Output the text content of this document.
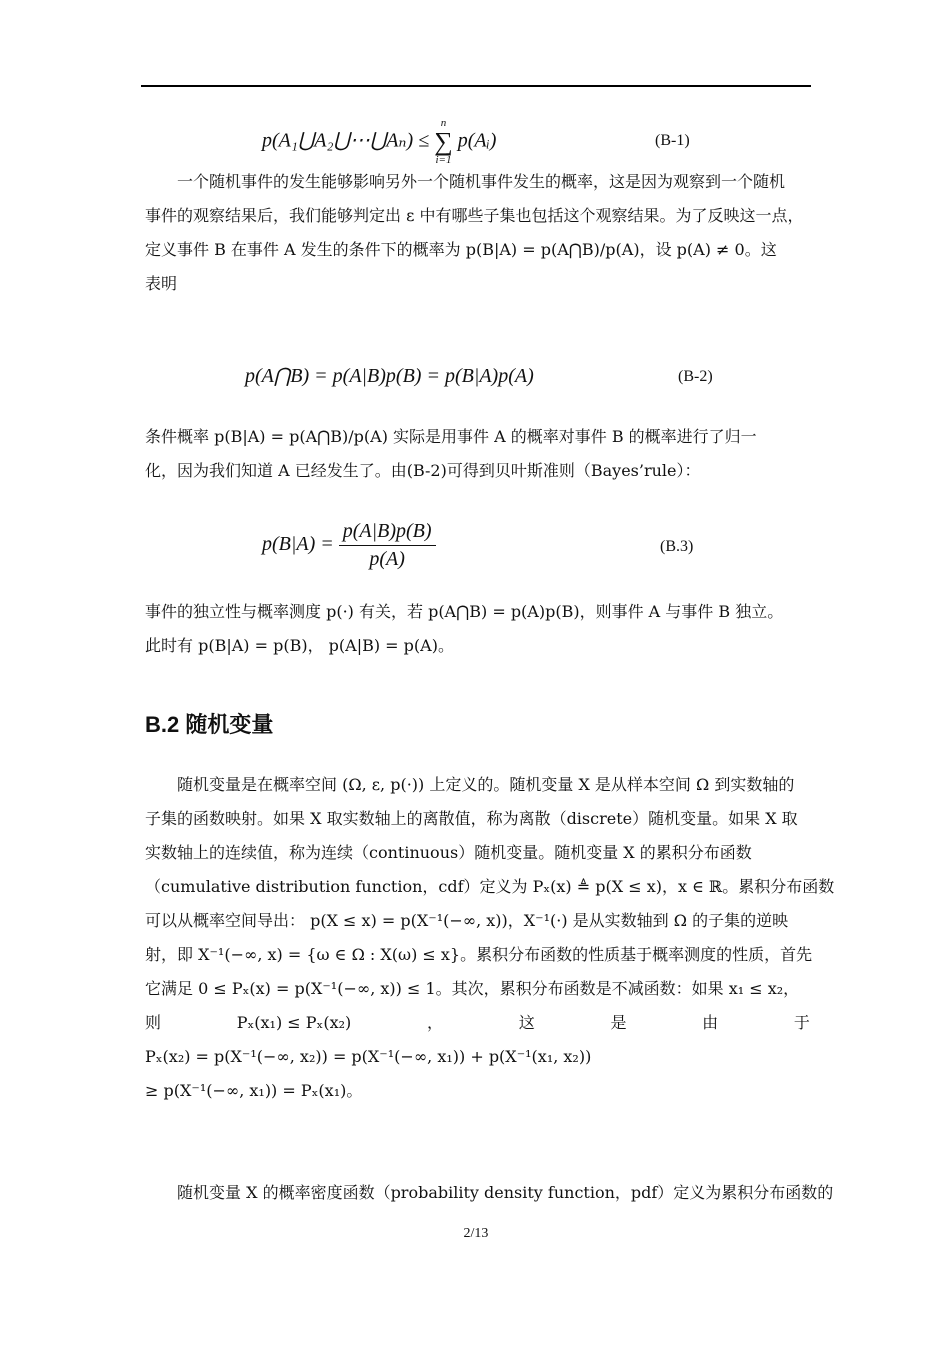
p(A₁⋃A₂⋃⋯⋃Aₙ) ≤
n
∑
i=1
p(Aᵢ)	(B-1)
一个随机事件的发生能够影响另外一个随机事件发生的概率，这是因为观察到一个随机
事件的观察结果后，我们能够判定出 ε 中有哪些子集也包括这个观察结果。为了反映这一点，
定义事件 B 在事件 A 发生的条件下的概率为 p(B|A) = p(A⋂B)/p(A)，设 p(A) ≠ 0。这
表明
p(A⋂B) = p(A|B)p(B) = p(B|A)p(A)	(B-2)
条件概率 p(B|A) = p(A⋂B)/p(A) 实际是用事件 A 的概率对事件 B 的概率进行了归一
化，因为我们知道 A 已经发生了。由(B-2)可得到贝叶斯准则（Bayes’rule）：
$p(B|A) = \frac{p(A|B)p(B)}{p(A)}$	(B.3)
事件的独立性与概率测度 p(·) 有关，若 p(A⋂B) = p(A)p(B)，则事件 A 与事件 B 独立。
此时有 p(B|A) = p(B)， p(A|B) = p(A)。
B.2 随机变量
随机变量是在概率空间 (Ω, ε, p(·)) 上定义的。随机变量 X 是从样本空间 Ω 到实数轴的
子集的函数映射。如果 X 取实数轴上的离散值，称为离散（discrete）随机变量。如果 X 取
实数轴上的连续值，称为连续（continuous）随机变量。随机变量 X 的累积分布函数
（cumulative distribution function，cdf）定义为 Pₓ(x) ≜ p(X ≤ x)，x ∈ ℝ。累积分布函数
可以从概率空间导出： p(X ≤ x) = p(X⁻¹(−∞, x))，X⁻¹(·) 是从实数轴到 Ω 的子集的逆映
射，即 X⁻¹(−∞, x) = {ω ∈ Ω : X(ω) ≤ x}。累积分布函数的性质基于概率测度的性质，首先
它满足 0 ≤ Pₓ(x) = p(X⁻¹(−∞, x)) ≤ 1。其次，累积分布函数是不减函数：如果 x₁ ≤ x₂，
则	Pₓ(x₁) ≤ Pₓ(x₂)	，	这	是	由	于
Pₓ(x₂) = p(X⁻¹(−∞, x₂)) = p(X⁻¹(−∞, x₁)) + p(X⁻¹(x₁, x₂))
≥ p(X⁻¹(−∞, x₁)) = Pₓ(x₁)。
随机变量 X 的概率密度函数（probability density function，pdf）定义为累积分布函数的
2/13
